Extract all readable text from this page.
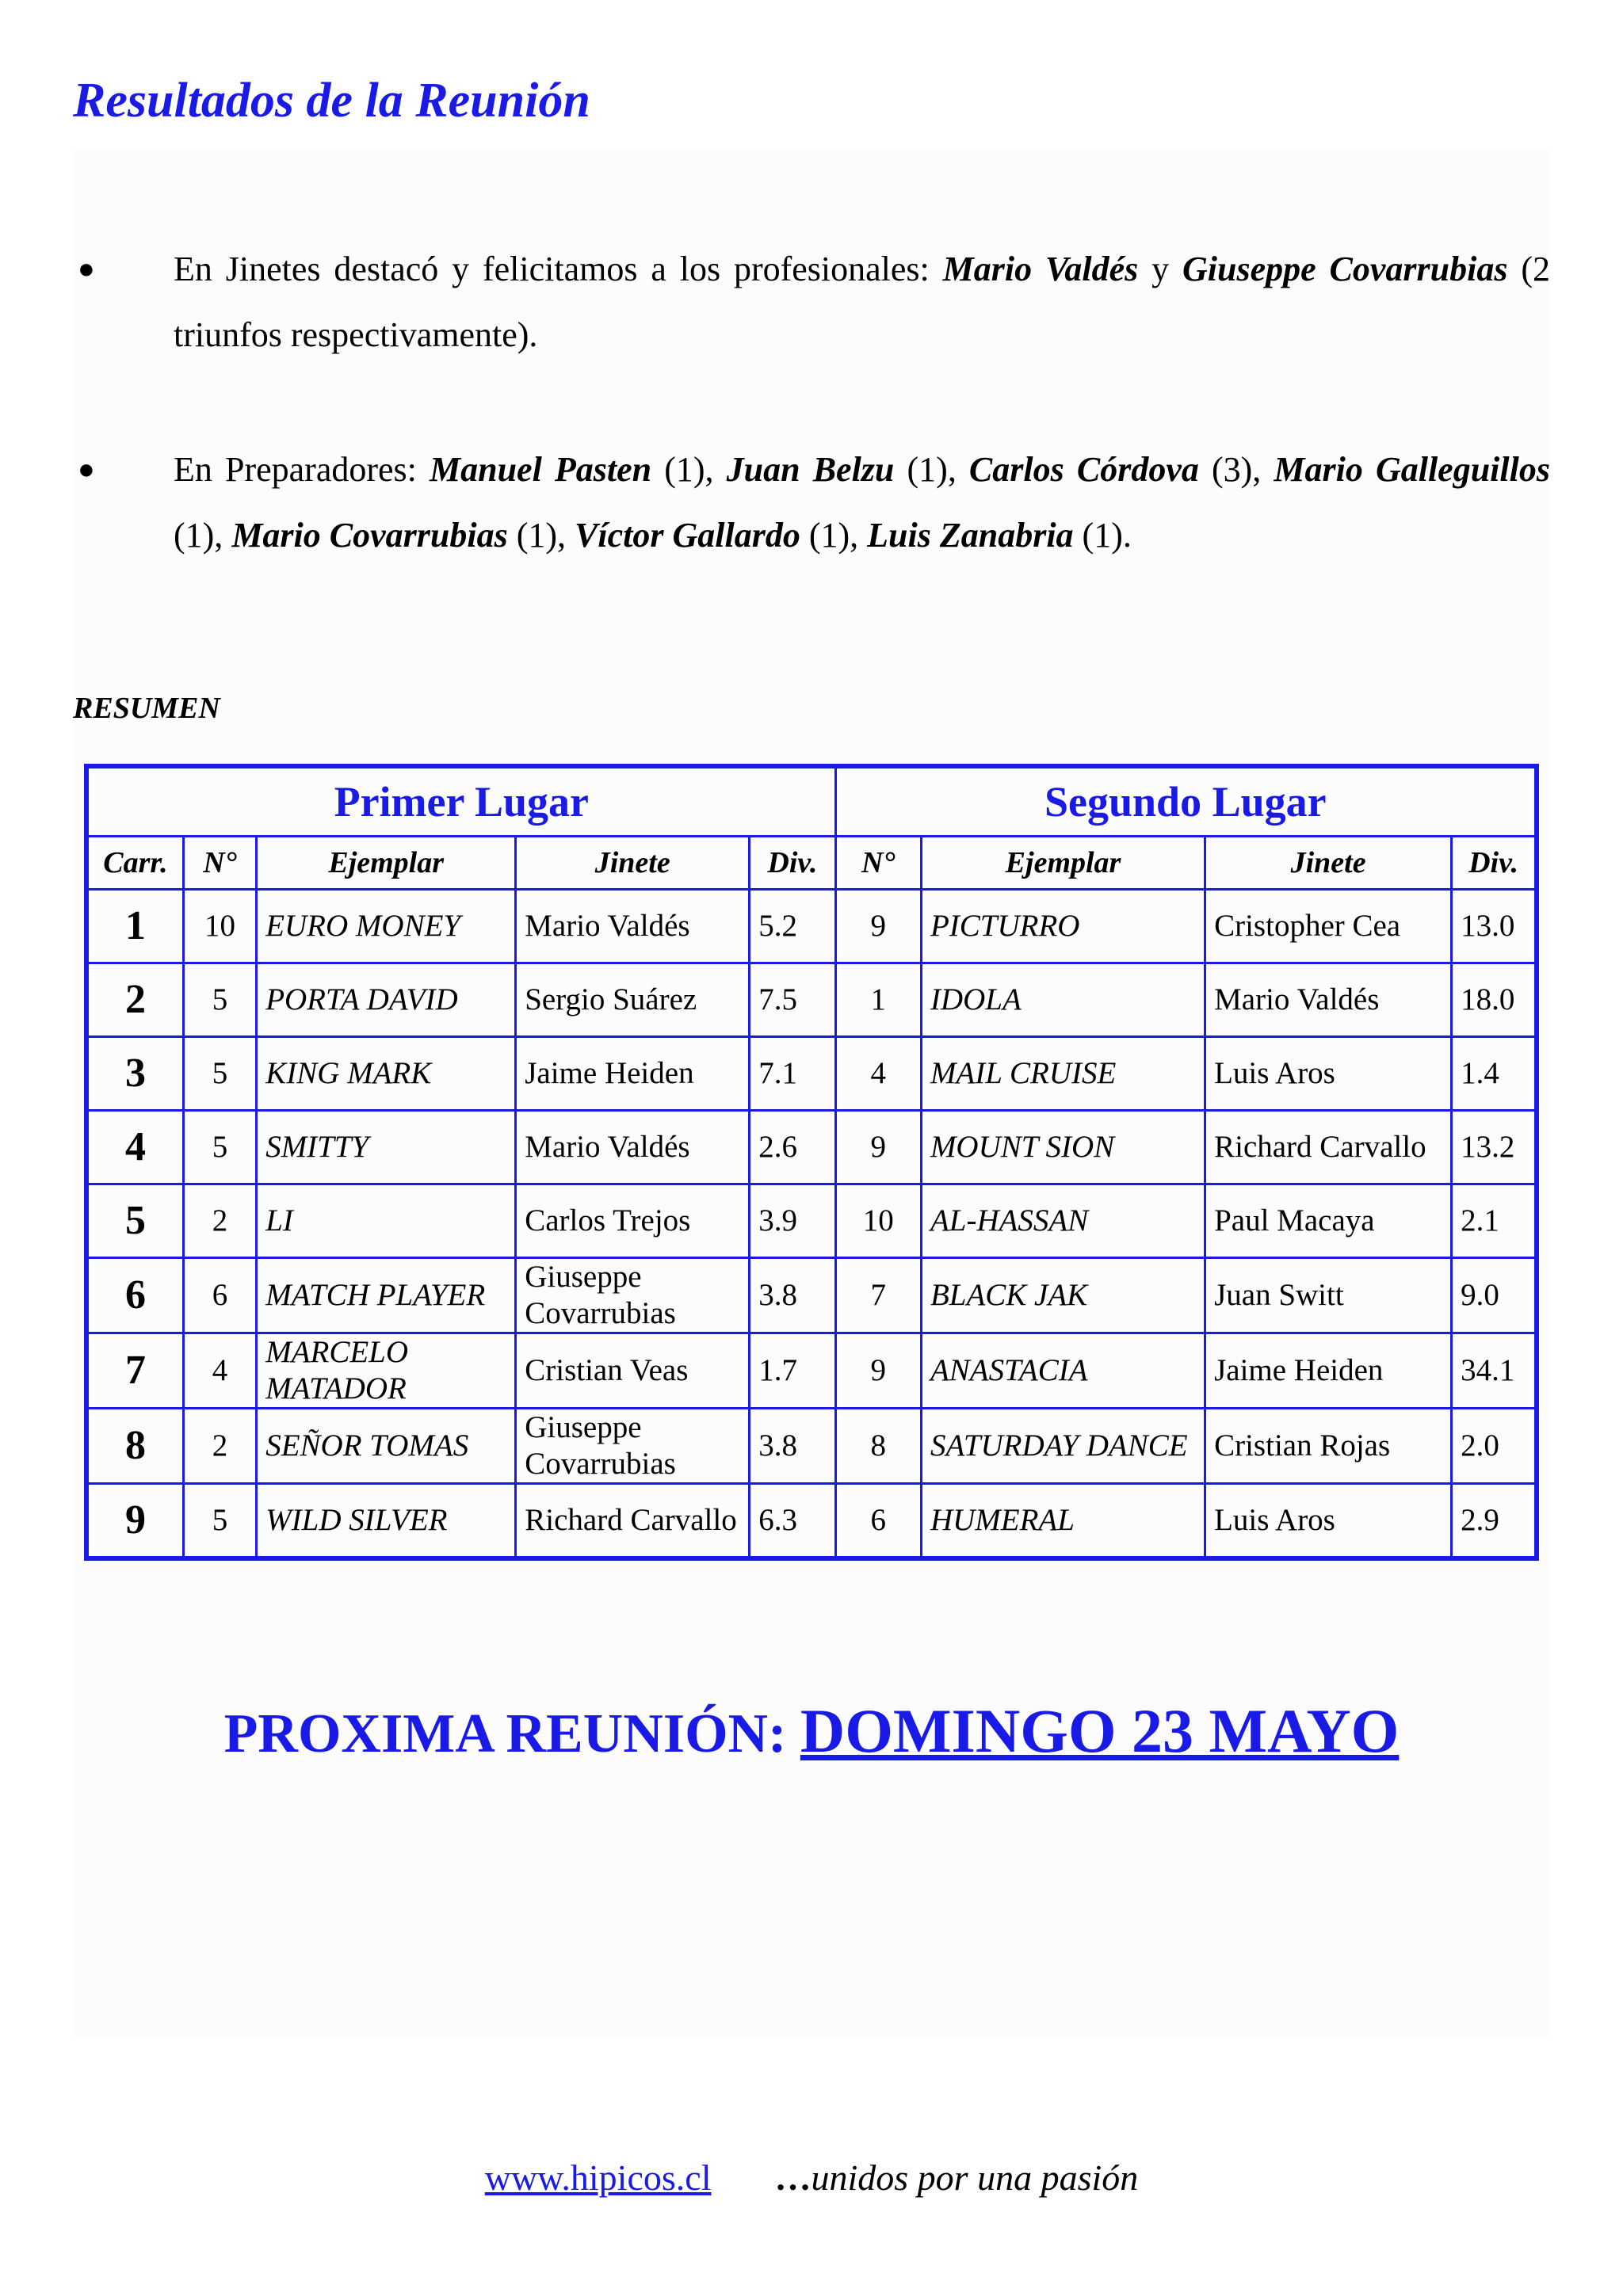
Resultados de la Reunión
● En Jinetes destacó y felicitamos a los profesionales: Mario Valdés y Giuseppe Covarrubias (2 triunfos respectivamente).
● En Preparadores: Manuel Pasten (1), Juan Belzu (1), Carlos Córdova (3), Mario Galleguillos (1), Mario Covarrubias (1), Víctor Gallardo (1), Luis Zanabria (1).
RESUMEN
Primer Lugar					Segundo Lugar			
Carr.	N°	Ejemplar	Jinete	Div.	N°	Ejemplar	Jinete	Div.
1	10	EURO MONEY	Mario Valdés	5.2	9	PICTURRO	Cristopher Cea	13.0
2	5	PORTA DAVID	Sergio Suárez	7.5	1	IDOLA	Mario Valdés	18.0
3	5	KING MARK	Jaime Heiden	7.1	4	MAIL CRUISE	Luis Aros	1.4
4	5	SMITTY	Mario Valdés	2.6	9	MOUNT SION	Richard Carvallo	13.2
5	2	LI	Carlos Trejos	3.9	10	AL-HASSAN	Paul Macaya	2.1
6	6	MATCH PLAYER	Giuseppe Covarrubias	3.8	7	BLACK JAK	Juan Switt	9.0
7	4	MARCELO MATADOR	Cristian Veas	1.7	9	ANASTACIA	Jaime Heiden	34.1
8	2	SEÑOR TOMAS	Giuseppe Covarrubias	3.8	8	SATURDAY DANCE	Cristian Rojas	2.0
9	5	WILD SILVER	Richard Carvallo	6.3	6	HUMERAL	Luis Aros	2.9
PROXIMA REUNIÓN: DOMINGO 23 MAYO
www.hipicos.cl …unidos por una pasión
